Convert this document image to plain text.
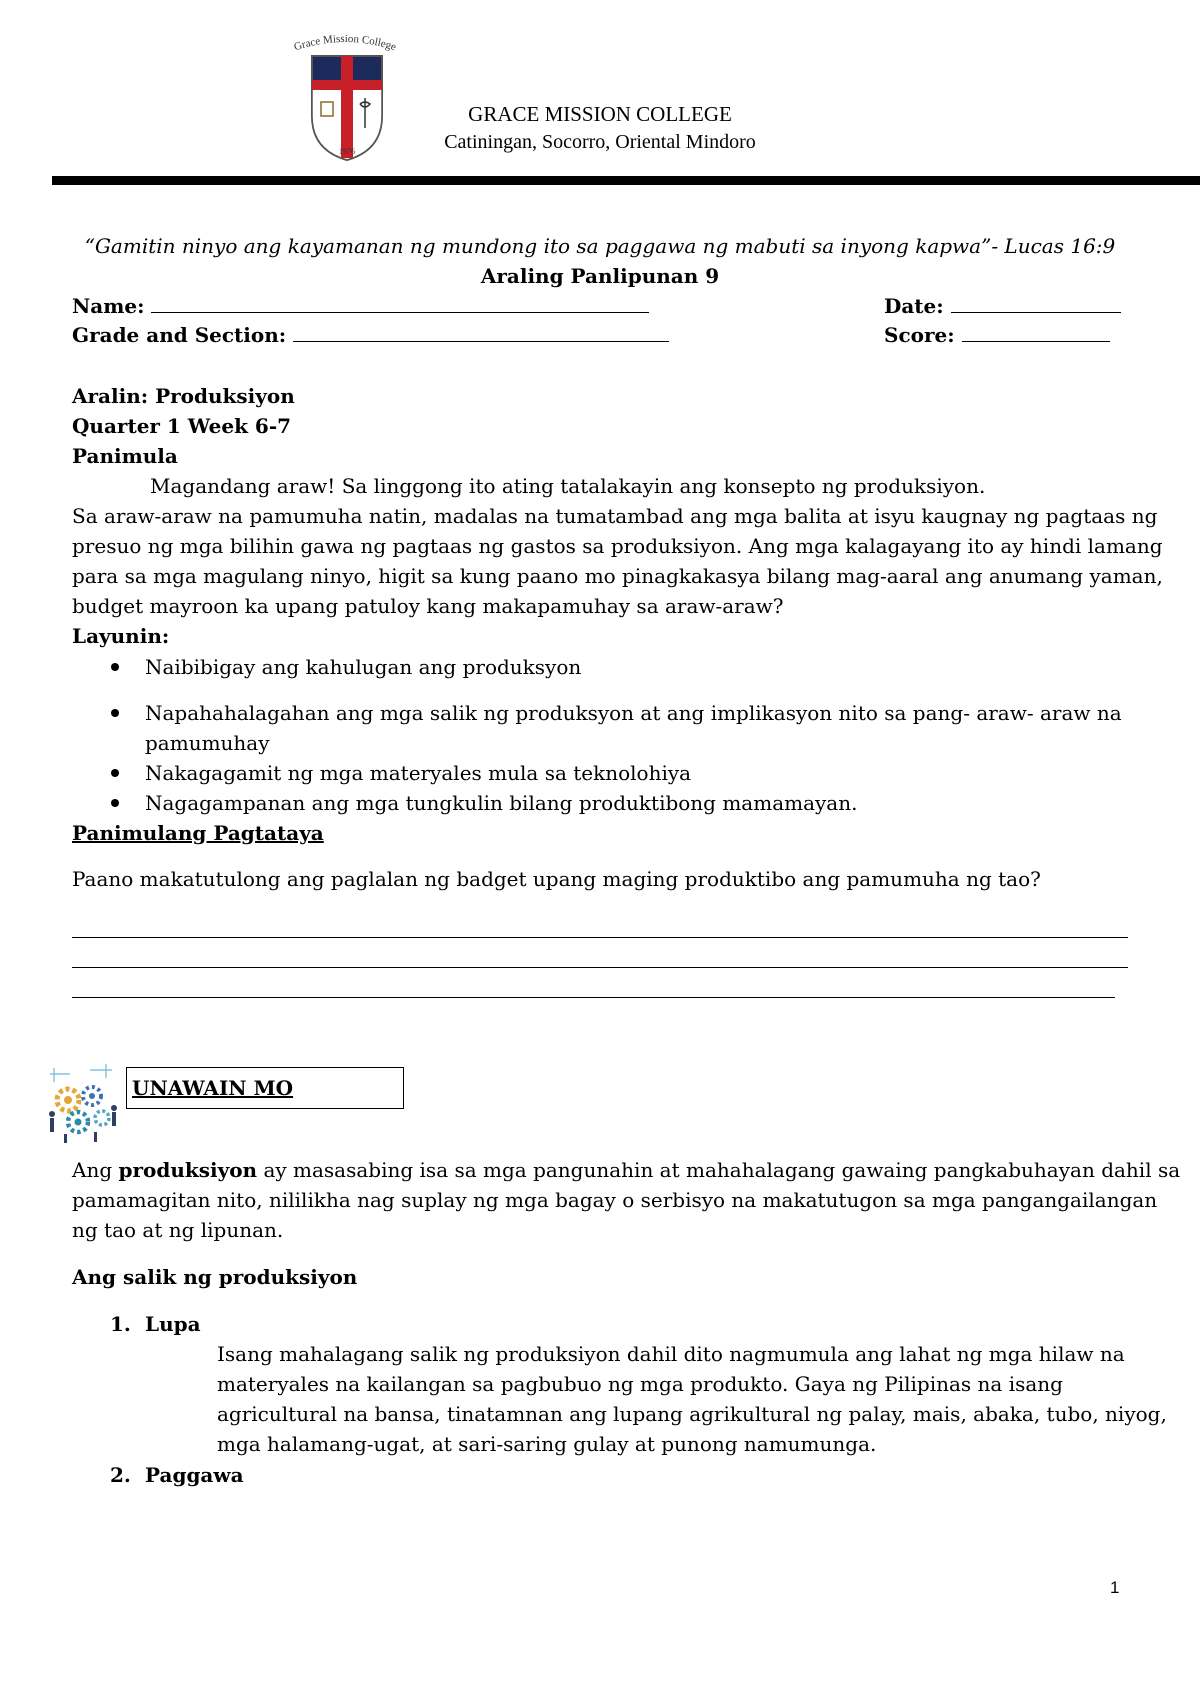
Grace Mission College
1976
GRACE MISSION COLLEGE
Catiningan, Socorro, Oriental Mindoro
“Gamitin ninyo ang kayamanan ng mundong ito sa paggawa ng mabuti sa inyong kapwa”- Lucas 16:9
Araling Panlipunan 9
Name:	Date:
Grade and Section:	Score:
Aralin: Produksiyon
Quarter 1 Week 6-7
Panimula
Magandang araw! Sa linggong ito ating tatalakayin ang konsepto ng produksiyon.
Sa araw-araw na pamumuha natin, madalas na tumatambad ang mga balita at isyu kaugnay ng pagtaas ng
presuo ng mga bilihin gawa ng pagtaas ng gastos sa produksiyon. Ang mga kalagayang ito ay hindi lamang
para sa mga magulang ninyo, higit sa kung paano mo pinagkakasya bilang mag-aaral ang anumang yaman,
budget mayroon ka upang patuloy kang makapamuhay sa araw-araw?
Layunin:
Naibibigay ang kahulugan ang produksyon
Napahahalagahan ang mga salik ng produksyon at ang implikasyon nito sa pang- araw- araw na
pamumuhay
Nakagagamit ng mga materyales mula sa teknolohiya
Nagagampanan ang mga tungkulin bilang produktibong mamamayan.
Panimulang Pagtataya
Paano makatutulong ang paglalan ng badget upang maging produktibo ang pamumuha ng tao?
UNAWAIN MO
Ang produksiyon ay masasabing isa sa mga pangunahin at mahahalagang gawaing pangkabuhayan dahil sa
pamamagitan nito, nililikha nag suplay ng mga bagay o serbisyo na makatutugon sa mga pangangailangan
ng tao at ng lipunan.
Ang salik ng produksiyon
1. Lupa
Isang mahalagang salik ng produksiyon dahil dito nagmumula ang lahat ng mga hilaw na
materyales na kailangan sa pagbubuo ng mga produkto. Gaya ng Pilipinas na isang
agricultural na bansa, tinatamnan ang lupang agrikultural ng palay, mais, abaka, tubo, niyog,
mga halamang-ugat, at sari-saring gulay at punong namumunga.
2. Paggawa
1
